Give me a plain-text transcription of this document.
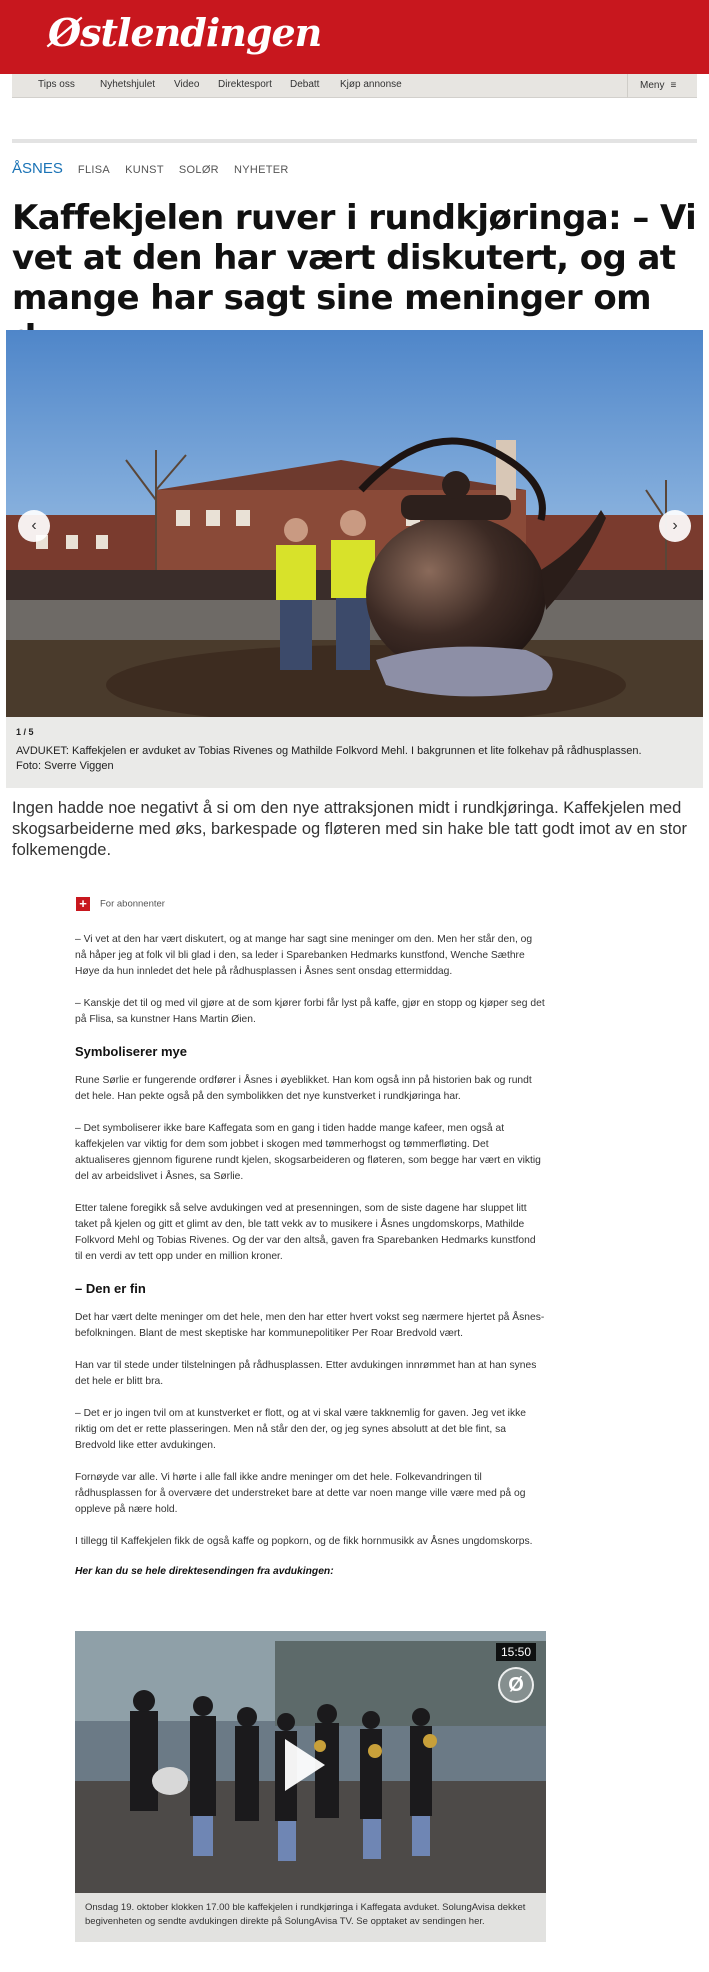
Østlendingen
Tips oss	Nyhetshjulet Video Direktesport Debatt Kjøp annonse	Meny ≡
ÅSNES FLISA KUNST SOLØR NYHETER
Kaffekjelen ruver i rundkjøringa: – Vi vet at den har vært diskutert, og at mange har sagt sine meninger om
‹	›
1 / 5
AVDUKET: Kaffekjelen er avduket av Tobias Rivenes og Mathilde Folkvord Mehl. I bakgrunnen et lite folkehav på rådhusplassen.
Foto: Sverre Viggen

Ingen hadde noe negativt å si om den nye attraksjonen midt i rundkjøringa. Kaffekjelen med skogsarbeiderne med øks, barkespade og fløteren med sin hake ble tatt godt imot av en stor folkemengde.

+ For abonnenter

– Vi vet at den har vært diskutert, og at mange har sagt sine meninger om den. Men her står den, og nå håper jeg at folk vil bli glad i den, sa leder i Sparebanken Hedmarks kunstfond, Wenche Sæthre Høye da hun innledet det hele på rådhusplassen i Åsnes sent onsdag ettermiddag.

– Kanskje det til og med vil gjøre at de som kjører forbi får lyst på kaffe, gjør en stopp og kjøper seg det på Flisa, sa kunstner Hans Martin Øien.

Symboliserer mye

Rune Sørlie er fungerende ordfører i Åsnes i øyeblikket. Han kom også inn på historien bak og rundt det hele. Han pekte også på den symbolikken det nye kunstverket i rundkjøringa har.

– Det symboliserer ikke bare Kaffegata som en gang i tiden hadde mange kafeer, men også at kaffekjelen var viktig for dem som jobbet i skogen med tømmerhogst og tømmerfløting. Det aktualiseres gjennom figurene rundt kjelen, skogsarbeideren og fløteren, som begge har vært en viktig del av arbeidslivet i Åsnes, sa Sørlie.

Etter talene foregikk så selve avdukingen ved at presenningen, som de siste dagene har sluppet litt taket på kjelen og gitt et glimt av den, ble tatt vekk av to musikere i Åsnes ungdomskorps, Mathilde Folkvord Mehl og Tobias Rivenes. Og der var den altså, gaven fra Sparebanken Hedmarks kunstfond til en verdi av tett opp under en million kroner.

– Den er fin

Det har vært delte meninger om det hele, men den har etter hvert vokst seg nærmere hjertet på Åsnes-befolkningen. Blant de mest skeptiske har kommunepolitiker Per Roar Bredvold vært.

Han var til stede under tilstelningen på rådhusplassen. Etter avdukingen innrømmet han at han synes det hele er blitt bra.

– Det er jo ingen tvil om at kunstverket er flott, og at vi skal være takknemlig for gaven. Jeg vet ikke riktig om det er rette plasseringen. Men nå står den der, og jeg synes absolutt at det ble fint, sa Bredvold like etter avdukingen.

Fornøyde var alle. Vi hørte i alle fall ikke andre meninger om det hele. Folkevandringen til rådhusplassen for å overvære det understreket bare at dette var noen mange ville være med på og oppleve på nære hold.

I tillegg til Kaffekjelen fikk de også kaffe og popkorn, og de fikk hornmusikk av Åsnes ungdomskorps.

Her kan du se hele direktesendingen fra avdukingen:

15:50
Ø
Onsdag 19. oktober klokken 17.00 ble kaffekjelen i rundkjøringa i Kaffegata avduket. SolungAvisa dekket begivenheten og sendte avdukingen direkte på SolungAvisa TV. Se opptaket av sendingen her.
